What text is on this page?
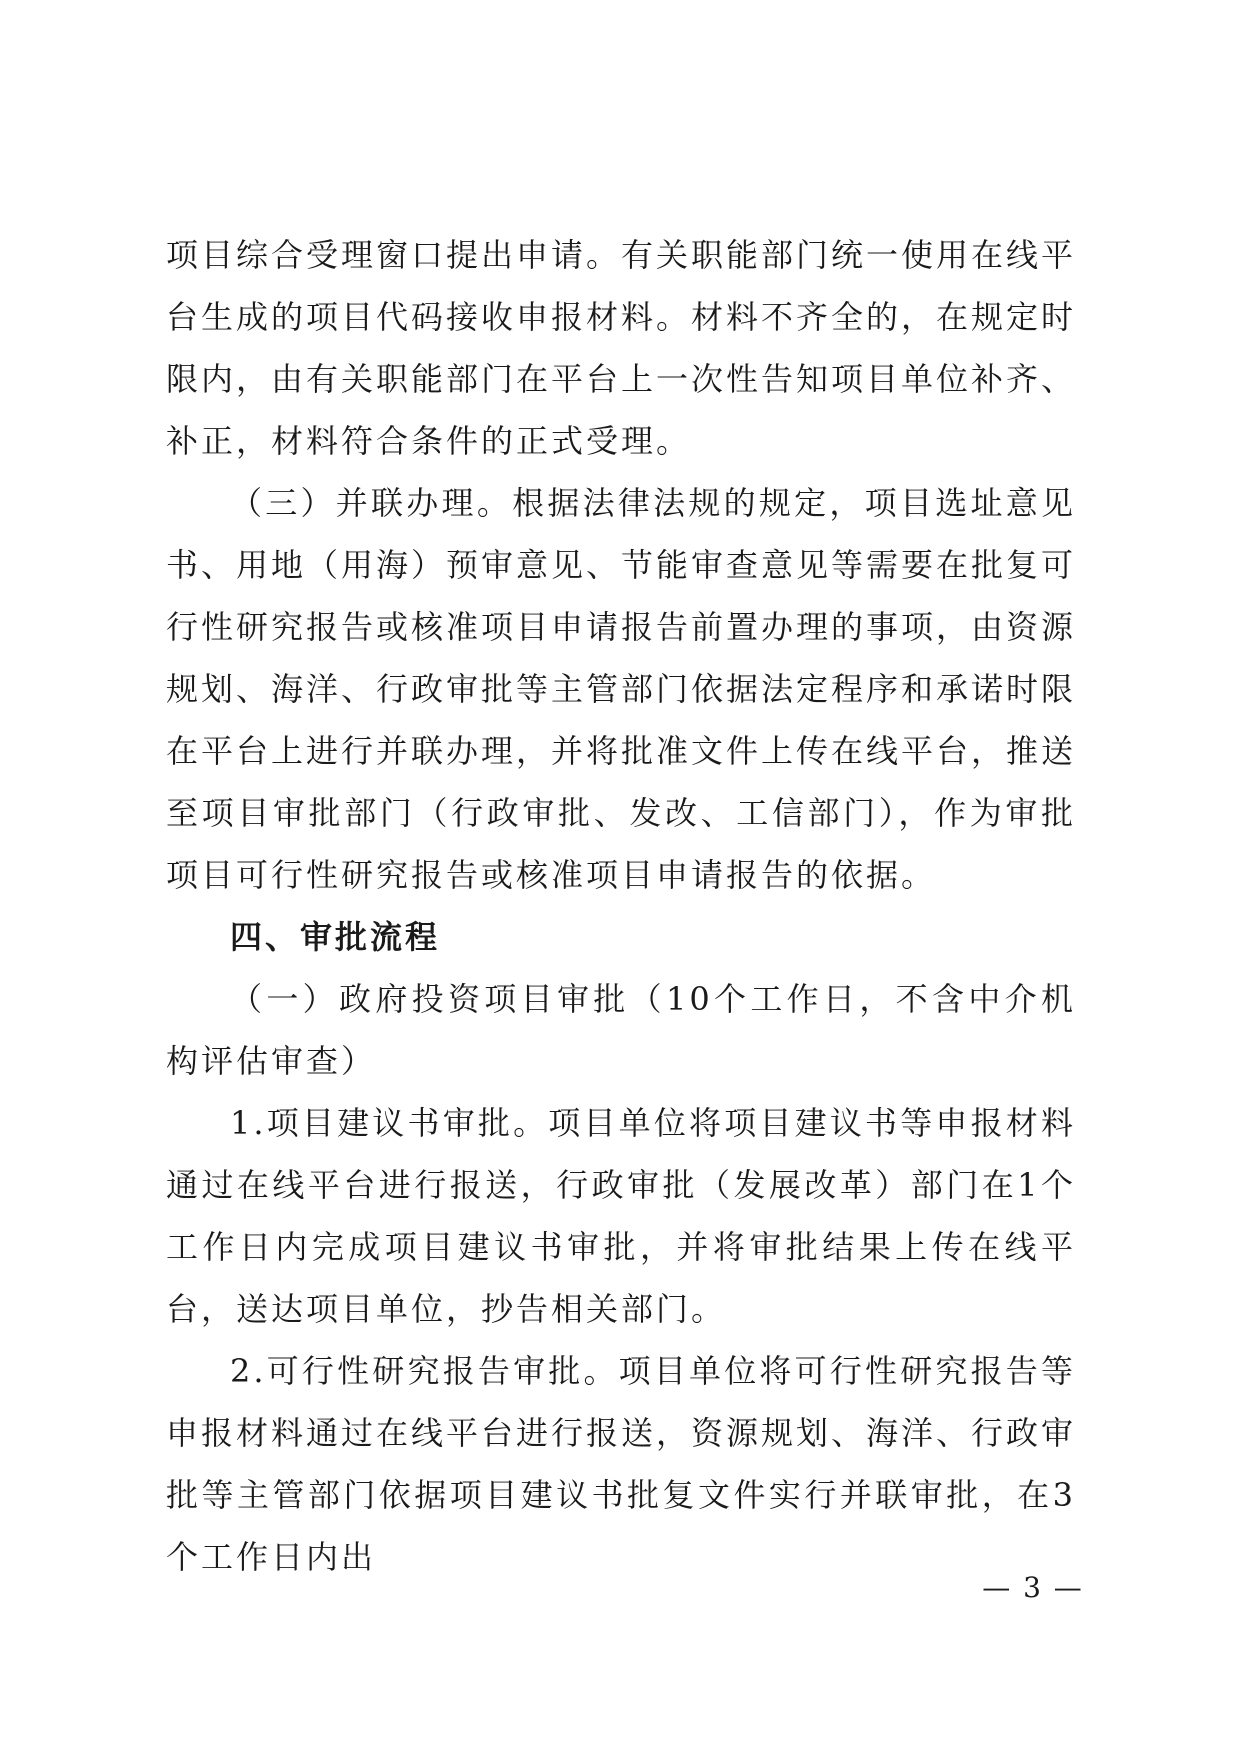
项目综合受理窗口提出申请。有关职能部门统一使用在线平台生成的项目代码接收申报材料。材料不齐全的，在规定时限内，由有关职能部门在平台上一次性告知项目单位补齐、补正，材料符合条件的正式受理。

（三）并联办理。根据法律法规的规定，项目选址意见书、用地（用海）预审意见、节能审查意见等需要在批复可行性研究报告或核准项目申请报告前置办理的事项，由资源规划、海洋、行政审批等主管部门依据法定程序和承诺时限在平台上进行并联办理，并将批准文件上传在线平台，推送至项目审批部门（行政审批、发改、工信部门），作为审批项目可行性研究报告或核准项目申请报告的依据。

四、审批流程

（一）政府投资项目审批（10个工作日，不含中介机构评估审查）

1.项目建议书审批。项目单位将项目建议书等申报材料通过在线平台进行报送，行政审批（发展改革）部门在1个工作日内完成项目建议书审批，并将审批结果上传在线平台，送达项目单位，抄告相关部门。

2.可行性研究报告审批。项目单位将可行性研究报告等申报材料通过在线平台进行报送，资源规划、海洋、行政审批等主管部门依据项目建议书批复文件实行并联审批，在3个工作日内出

— 3 —
